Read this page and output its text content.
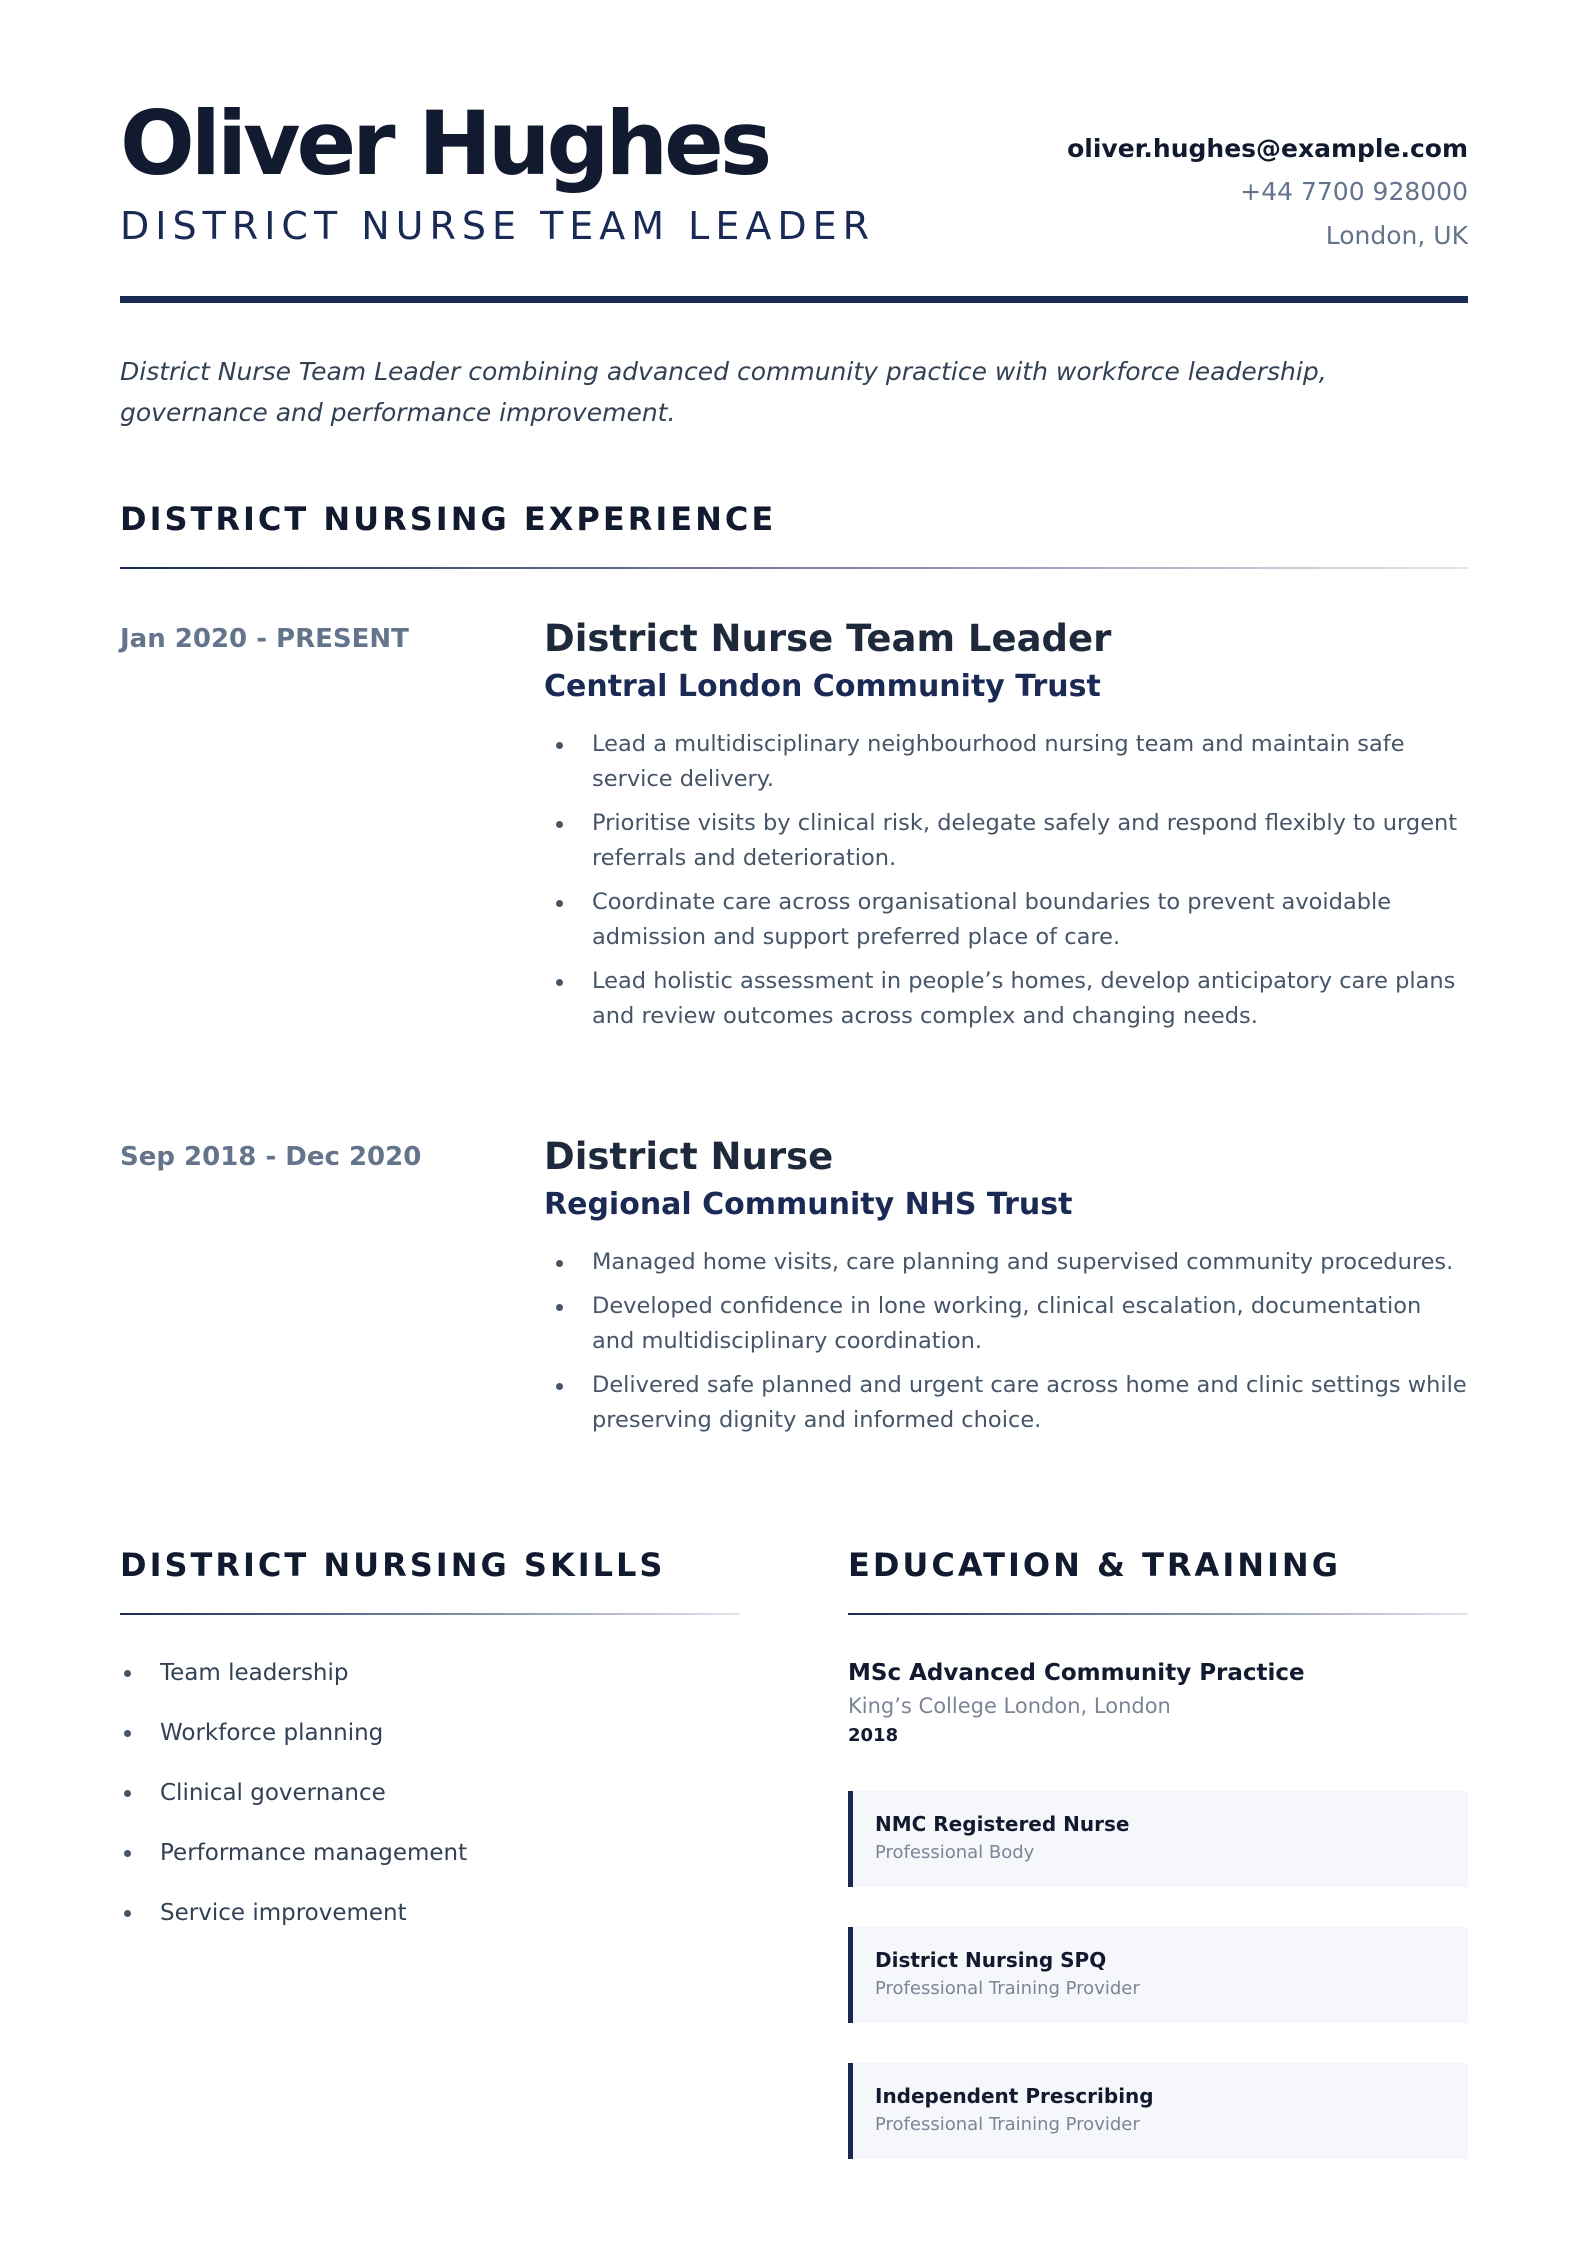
Oliver Hughes
DISTRICT NURSE TEAM LEADER
oliver.hughes@example.com
+44 7700 928000
London, UK
District Nurse Team Leader combining advanced community practice with workforce leadership, governance and performance improvement.
DISTRICT NURSING EXPERIENCE
Jan 2020 - PRESENT	District Nurse Team Leader
Central London Community Trust
Lead a multidisciplinary neighbourhood nursing team and maintain safe service delivery.
Prioritise visits by clinical risk, delegate safely and respond flexibly to urgent referrals and deterioration.
Coordinate care across organisational boundaries to prevent avoidable admission and support preferred place of care.
Lead holistic assessment in people’s homes, develop anticipatory care plans and review outcomes across complex and changing needs.
Sep 2018 - Dec 2020	District Nurse
Regional Community NHS Trust
Managed home visits, care planning and supervised community procedures.
Developed confidence in lone working, clinical escalation, documentation and multidisciplinary coordination.
Delivered safe planned and urgent care across home and clinic settings while preserving dignity and informed choice.
DISTRICT NURSING SKILLS
Team leadership
Workforce planning
Clinical governance
Performance management
Service improvement
EDUCATION & TRAINING
MSc Advanced Community Practice
King’s College London, London
2018
NMC Registered Nurse
Professional Body
District Nursing SPQ
Professional Training Provider
Independent Prescribing
Professional Training Provider
